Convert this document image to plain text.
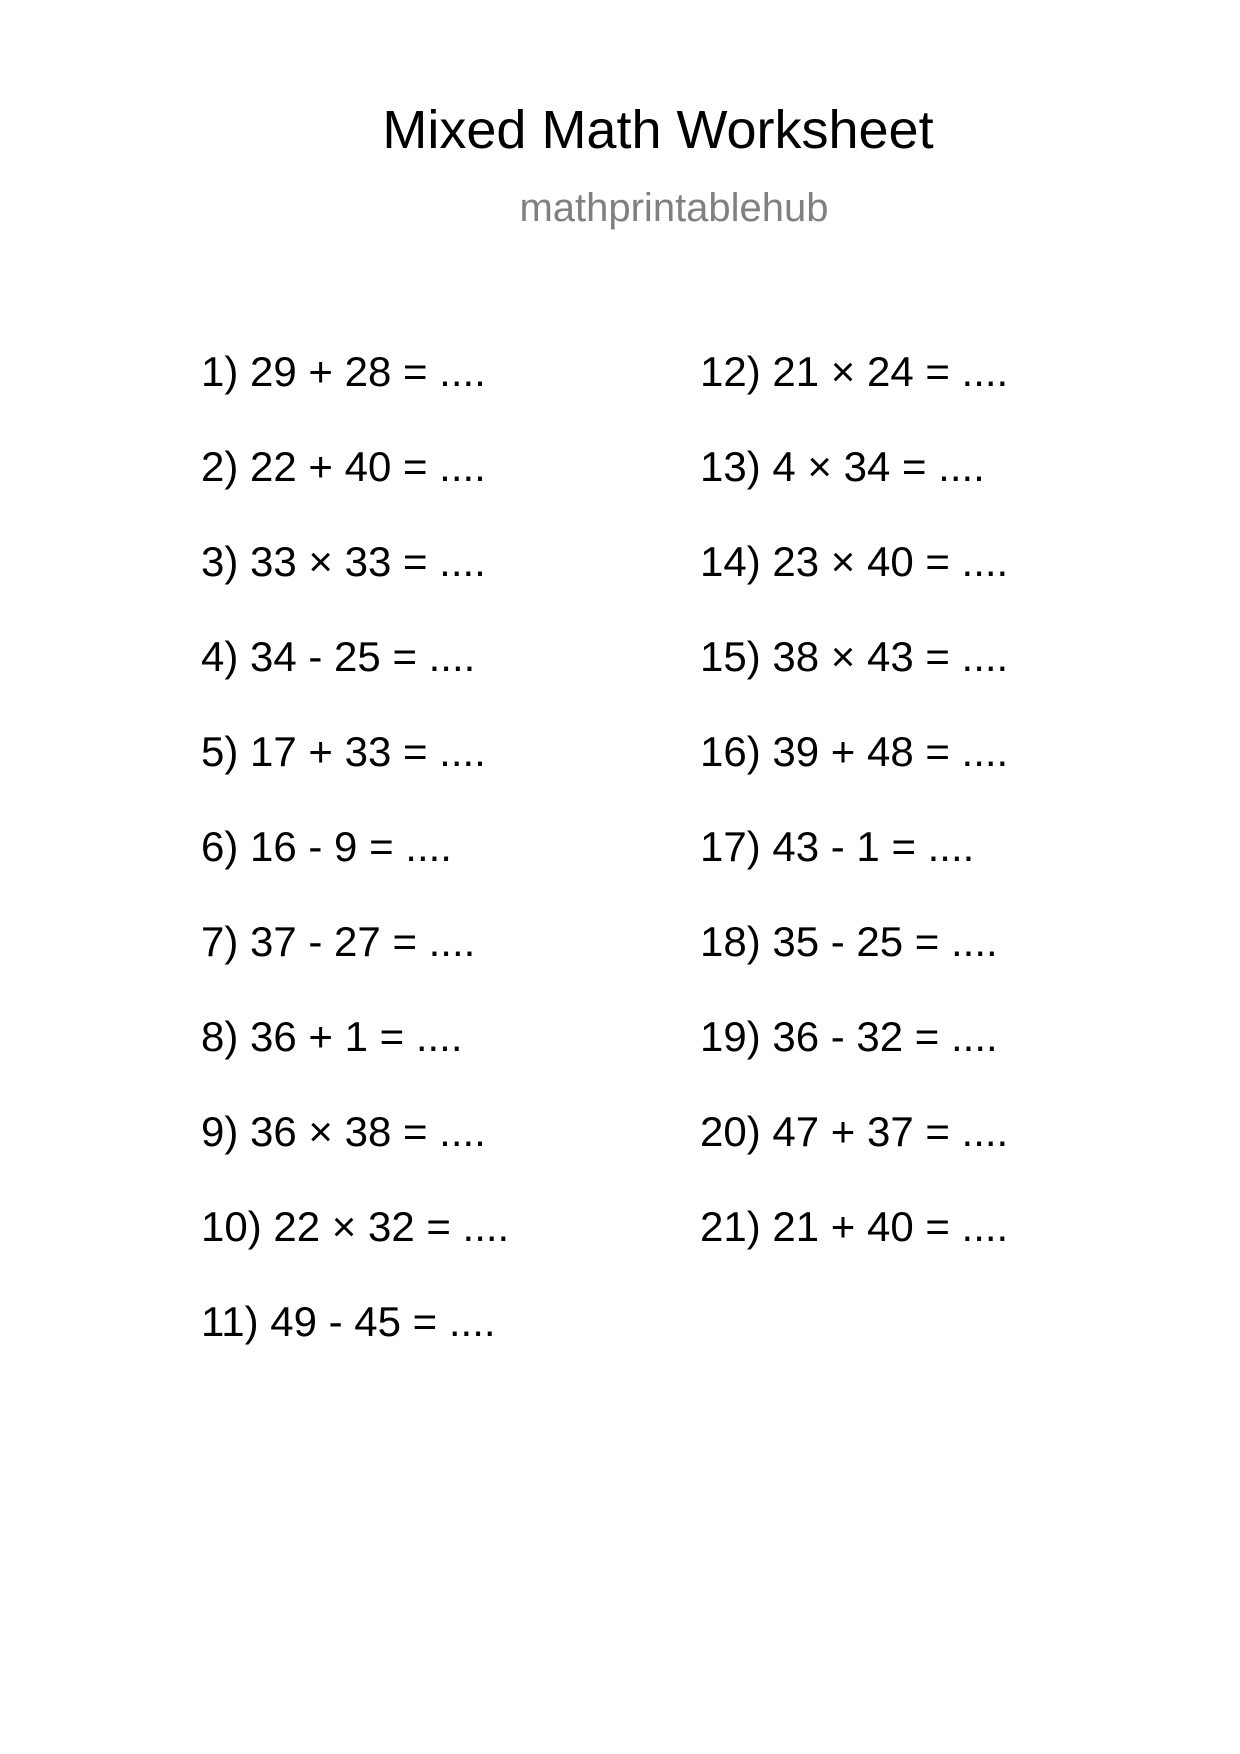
Mixed Math Worksheet
mathprintablehub
1) 29 + 28 = ....
2) 22 + 40 = ....
3) 33 × 33 = ....
4) 34 - 25 = ....
5) 17 + 33 = ....
6) 16 - 9 = ....
7) 37 - 27 = ....
8) 36 + 1 = ....
9) 36 × 38 = ....
10) 22 × 32 = ....
11) 49 - 45 = ....
12) 21 × 24 = ....
13) 4 × 34 = ....
14) 23 × 40 = ....
15) 38 × 43 = ....
16) 39 + 48 = ....
17) 43 - 1 = ....
18) 35 - 25 = ....
19) 36 - 32 = ....
20) 47 + 37 = ....
21) 21 + 40 = ....
